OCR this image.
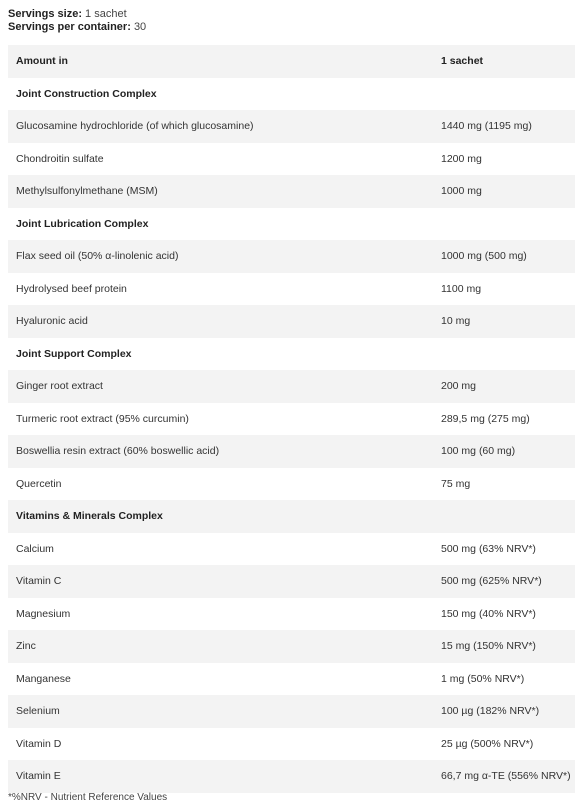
Servings size: 1 sachet
Servings per container: 30
Amount in	1 sachet
Joint Construction Complex	
Glucosamine hydrochloride (of which glucosamine)	1440 mg (1195 mg)
Chondroitin sulfate	1200 mg
Methylsulfonylmethane (MSM)	1000 mg
Joint Lubrication Complex	
Flax seed oil (50% α-linolenic acid)	1000 mg (500 mg)
Hydrolysed beef protein	1100 mg
Hyaluronic acid	10 mg
Joint Support Complex	
Ginger root extract	200 mg
Turmeric root extract (95% curcumin)	289,5 mg (275 mg)
Boswellia resin extract (60% boswellic acid)	100 mg (60 mg)
Quercetin	75 mg
Vitamins & Minerals Complex	
Calcium	500 mg (63% NRV*)
Vitamin C	500 mg (625% NRV*)
Magnesium	150 mg (40% NRV*)
Zinc	15 mg (150% NRV*)
Manganese	1 mg (50% NRV*)
Selenium	100 µg (182% NRV*)
Vitamin D	25 µg (500% NRV*)
Vitamin E	66,7 mg α-TE (556% NRV*)
*%NRV - Nutrient Reference Values
